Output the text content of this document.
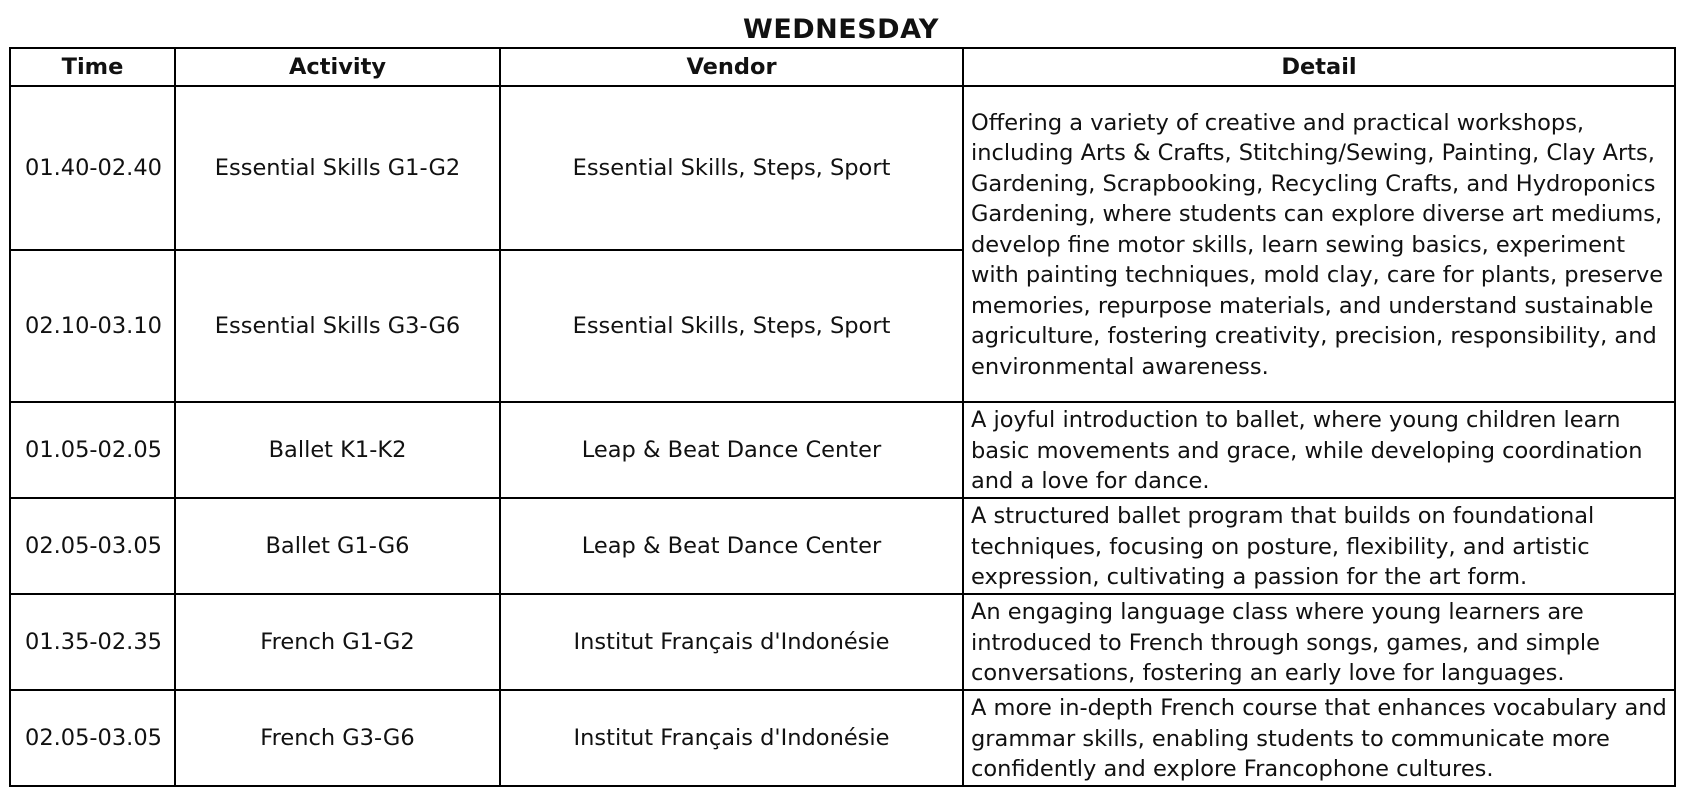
WEDNESDAY
Time	Activity	Vendor	Detail
01.40-02.40	Essential Skills G1-G2	Essential Skills, Steps, Sport	Offering a variety of creative and practical workshops, including Arts & Crafts, Stitching/Sewing, Painting, Clay Arts, Gardening, Scrapbooking, Recycling Crafts, and Hydroponics Gardening, where students can explore diverse art mediums, develop fine motor skills, learn sewing basics, experiment with painting techniques, mold clay, care for plants, preserve memories, repurpose materials, and understand sustainable agriculture, fostering creativity, precision, responsibility, and environmental awareness.
02.10-03.10	Essential Skills G3-G6	Essential Skills, Steps, Sport	
01.05-02.05	Ballet K1-K2	Leap & Beat Dance Center	A joyful introduction to ballet, where young children learn basic movements and grace, while developing coordination and a love for dance.
02.05-03.05	Ballet G1-G6	Leap & Beat Dance Center	A structured ballet program that builds on foundational techniques, focusing on posture, flexibility, and artistic expression, cultivating a passion for the art form.
01.35-02.35	French G1-G2	Institut Français d'Indonésie	An engaging language class where young learners are introduced to French through songs, games, and simple conversations, fostering an early love for languages.
02.05-03.05	French G3-G6	Institut Français d'Indonésie	A more in-depth French course that enhances vocabulary and grammar skills, enabling students to communicate more confidently and explore Francophone cultures.
